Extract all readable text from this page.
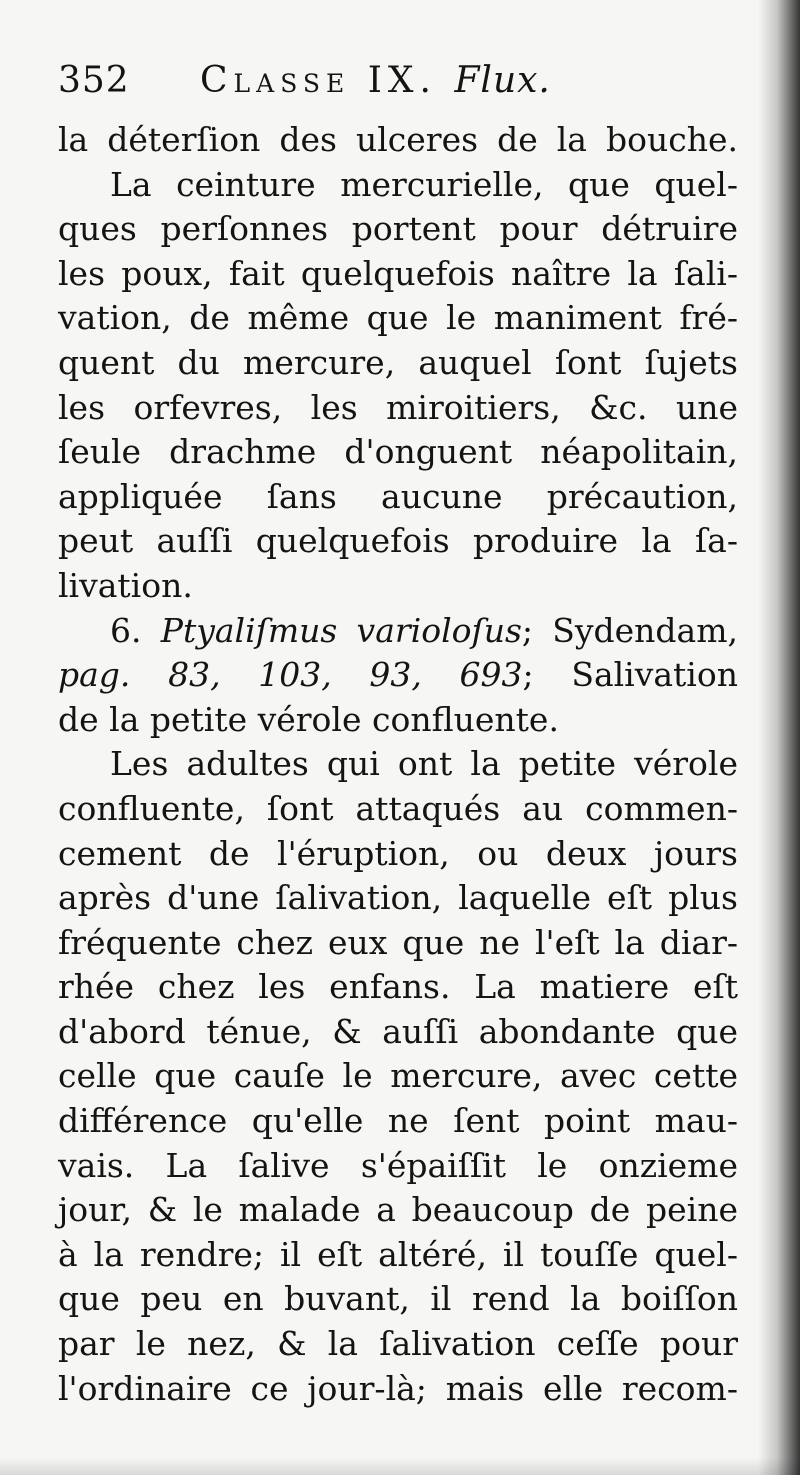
352 Classe IX. Flux.
la déterſion des ulceres de la bouche.
La ceinture mercurielle, que quel-
ques perſonnes portent pour détruire
les poux, fait quelquefois naître la ſali-
vation, de même que le maniment fré-
quent du mercure, auquel ſont ſujets
les orfevres, les miroitiers, &c. une
ſeule drachme d'onguent néapolitain,
appliquée ſans aucune précaution,
peut auſſi quelquefois produire la ſa-
livation.
6. Ptyaliſmus varioloſus; Sydendam,
pag. 83, 103, 93, 693; Salivation
de la petite vérole confluente.
Les adultes qui ont la petite vérole
confluente, ſont attaqués au commen-
cement de l'éruption, ou deux jours
après d'une ſalivation, laquelle eſt plus
fréquente chez eux que ne l'eſt la diar-
rhée chez les enfans. La matiere eſt
d'abord ténue, & auſſi abondante que
celle que cauſe le mercure, avec cette
différence qu'elle ne ſent point mau-
vais. La ſalive s'épaiſſit le onzieme
jour, & le malade a beaucoup de peine
à la rendre; il eſt altéré, il touſſe quel-
que peu en buvant, il rend la boiſſon
par le nez, & la ſalivation ceſſe pour
l'ordinaire ce jour-là; mais elle recom-
